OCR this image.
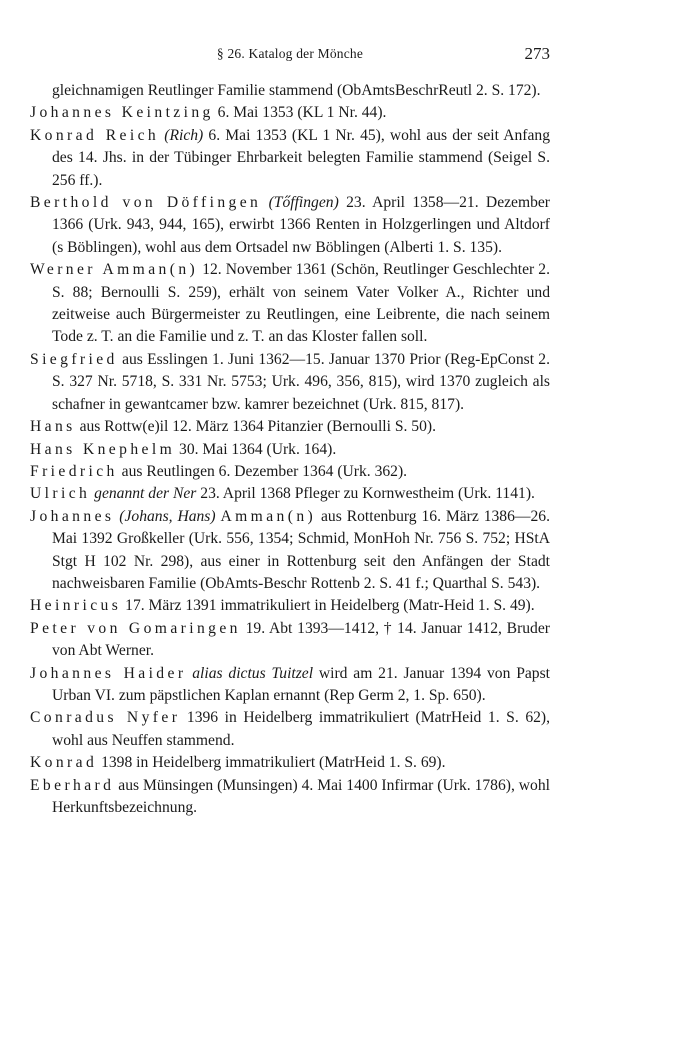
§ 26. Katalog der Mönche	273

gleichnamigen Reutlinger Familie stammend (ObAmtsBeschrReutl 2. S. 172).

Johannes Keintzing 6. Mai 1353 (KL 1 Nr. 44).

Konrad Reich (Rich) 6. Mai 1353 (KL 1 Nr. 45), wohl aus der seit Anfang des 14. Jhs. in der Tübinger Ehrbarkeit belegten Familie stammend (Seigel S. 256 ff.).

Berthold von Döffingen (Tőffingen) 23. April 1358—21. Dezember 1366 (Urk. 943, 944, 165), erwirbt 1366 Renten in Holzgerlingen und Altdorf (s Böblingen), wohl aus dem Ortsadel nw Böblingen (Alberti 1. S. 135).

Werner Amman(n) 12. November 1361 (Schön, Reutlinger Geschlechter 2. S. 88; Bernoulli S. 259), erhält von seinem Vater Volker A., Richter und zeitweise auch Bürgermeister zu Reutlingen, eine Leibrente, die nach seinem Tode z. T. an die Familie und z. T. an das Kloster fallen soll.

Siegfried aus Esslingen 1. Juni 1362—15. Januar 1370 Prior (Reg-EpConst 2. S. 327 Nr. 5718, S. 331 Nr. 5753; Urk. 496, 356, 815), wird 1370 zugleich als schafner in gewantcamer bzw. kamrer bezeichnet (Urk. 815, 817).

Hans aus Rottw(e)il 12. März 1364 Pitanzier (Bernoulli S. 50).

Hans Knephelm 30. Mai 1364 (Urk. 164).

Friedrich aus Reutlingen 6. Dezember 1364 (Urk. 362).

Ulrich genannt der Ner 23. April 1368 Pfleger zu Kornwestheim (Urk. 1141).

Johannes (Johans, Hans) Amman(n) aus Rottenburg 16. März 1386—26. Mai 1392 Großkeller (Urk. 556, 1354; Schmid, MonHoh Nr. 756 S. 752; HStA Stgt H 102 Nr. 298), aus einer in Rottenburg seit den Anfängen der Stadt nachweisbaren Familie (ObAmts-Beschr Rottenb 2. S. 41 f.; Quarthal S. 543).

Heinricus 17. März 1391 immatrikuliert in Heidelberg (Matr-Heid 1. S. 49).

Peter von Gomaringen 19. Abt 1393—1412, † 14. Januar 1412, Bruder von Abt Werner.

Johannes Haider alias dictus Tuitzel wird am 21. Januar 1394 von Papst Urban VI. zum päpstlichen Kaplan ernannt (Rep Germ 2, 1. Sp. 650).

Conradus Nyfer 1396 in Heidelberg immatrikuliert (MatrHeid 1. S. 62), wohl aus Neuffen stammend.

Konrad 1398 in Heidelberg immatrikuliert (MatrHeid 1. S. 69).

Eberhard aus Münsingen (Munsingen) 4. Mai 1400 Infirmar (Urk. 1786), wohl Herkunftsbezeichnung.
